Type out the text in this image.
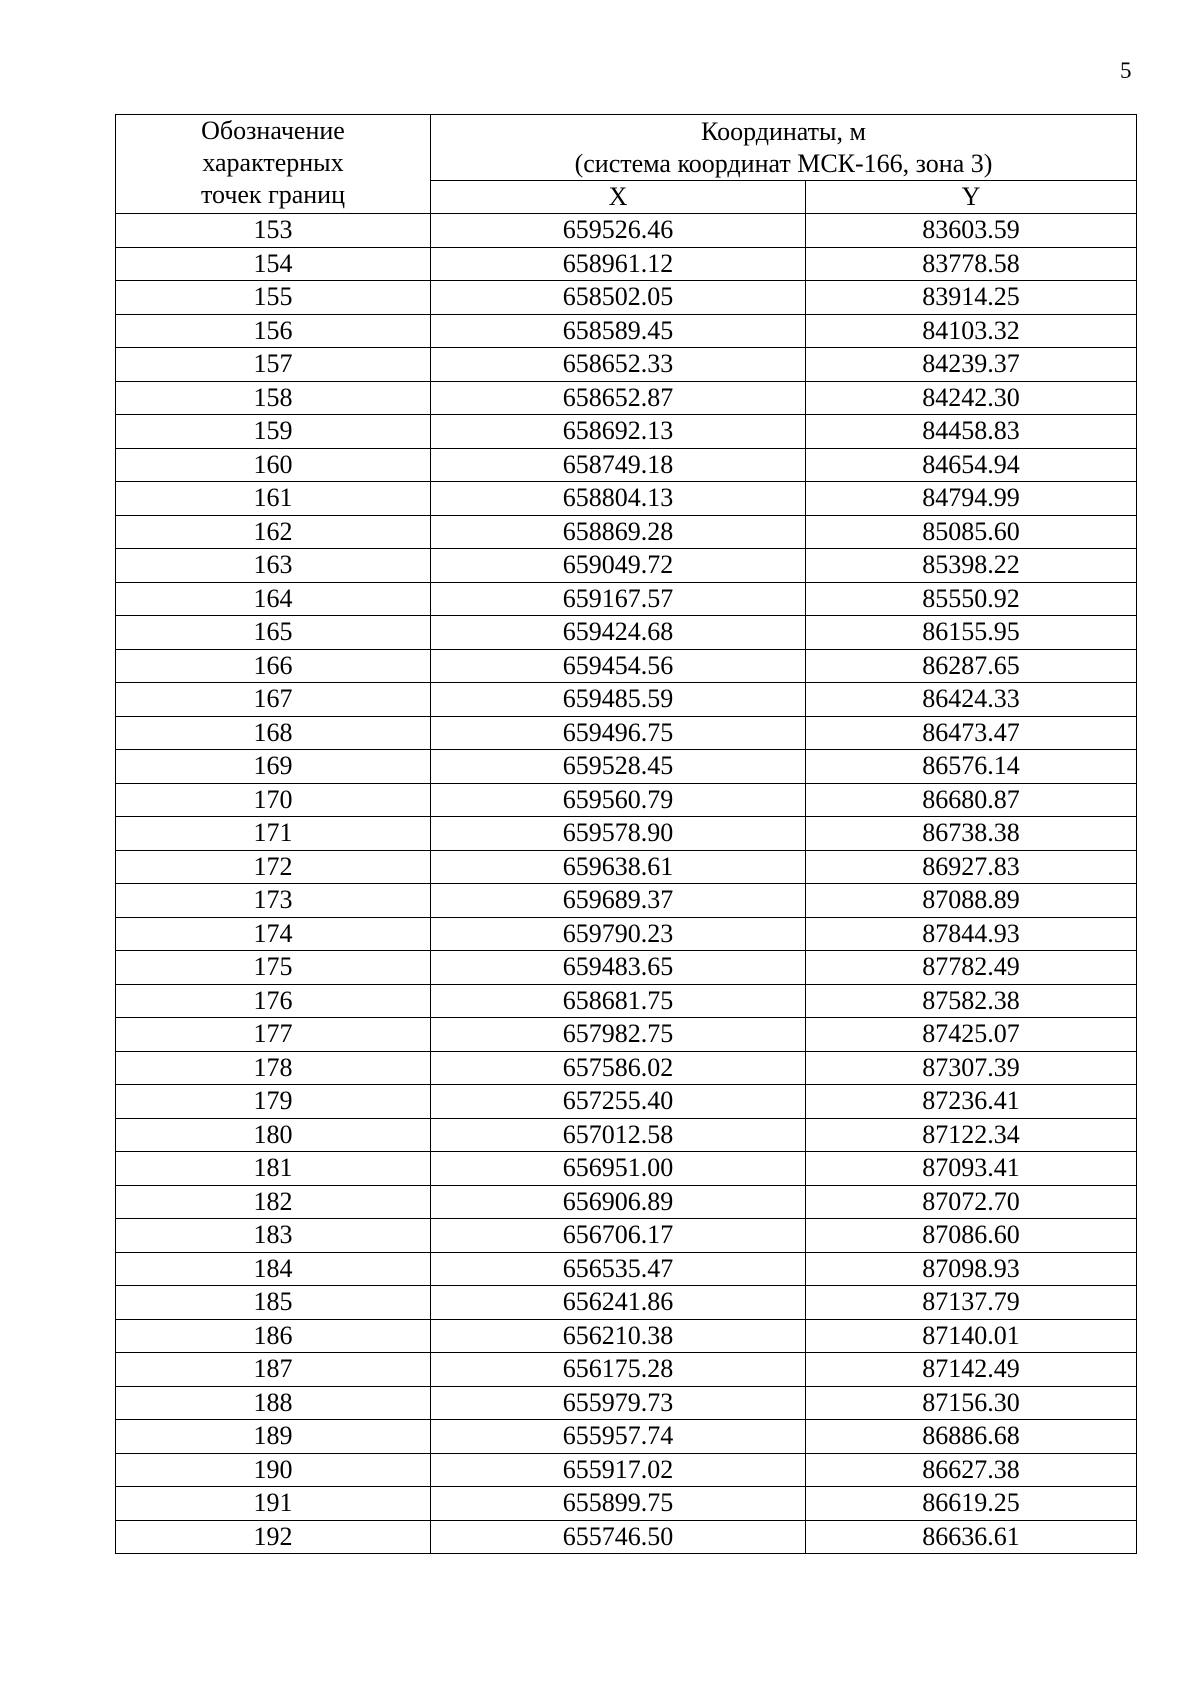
5
Обозначение
характерных
точек границ	Координаты, м
(система координат МСК-166, зона 3)	

	X	Y
153	659526.46	83603.59
154	658961.12	83778.58
155	658502.05	83914.25
156	658589.45	84103.32
157	658652.33	84239.37
158	658652.87	84242.30
159	658692.13	84458.83
160	658749.18	84654.94
161	658804.13	84794.99
162	658869.28	85085.60
163	659049.72	85398.22
164	659167.57	85550.92
165	659424.68	86155.95
166	659454.56	86287.65
167	659485.59	86424.33
168	659496.75	86473.47
169	659528.45	86576.14
170	659560.79	86680.87
171	659578.90	86738.38
172	659638.61	86927.83
173	659689.37	87088.89
174	659790.23	87844.93
175	659483.65	87782.49
176	658681.75	87582.38
177	657982.75	87425.07
178	657586.02	87307.39
179	657255.40	87236.41
180	657012.58	87122.34
181	656951.00	87093.41
182	656906.89	87072.70
183	656706.17	87086.60
184	656535.47	87098.93
185	656241.86	87137.79
186	656210.38	87140.01
187	656175.28	87142.49
188	655979.73	87156.30
189	655957.74	86886.68
190	655917.02	86627.38
191	655899.75	86619.25
192	655746.50	86636.61
